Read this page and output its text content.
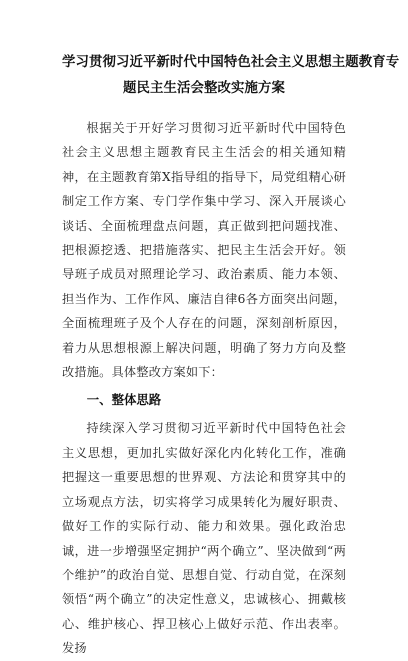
学习贯彻习近平新时代中国特色社会主义思想主题教育专
题民主生活会整改实施方案

根据关于开好学习贯彻习近平新时代中国特色社会主义思想主题教育民主生活会的相关通知精神，在主题教育第X指导组的指导下，局党组精心研制定工作方案、专门学作集中学习、深入开展谈心谈话、全面梳理盘点问题，真正做到把问题找准、把根源挖透、把措施落实、把民主生活会开好。领导班子成员对照理论学习、政治素质、能力本领、担当作为、工作作风、廉洁自律6各方面突出问题，全面梳理班子及个人存在的问题，深刻剖析原因，着力从思想根源上解决问题，明确了努力方向及整改措施。具体整改方案如下：

一、整体思路

持续深入学习贯彻习近平新时代中国特色社会主义思想，更加扎实做好深化内化转化工作，准确把握这一重要思想的世界观、方法论和贯穿其中的立场观点方法，切实将学习成果转化为履好职责、做好工作的实际行动、能力和效果。强化政治忠诚，进一步增强坚定拥护“两个确立”、坚决做到“两个维护”的政治自觉、思想自觉、行动自觉，在深刻领悟“两个确立”的决定性意义，忠诚核心、拥戴核心、维护核心、捍卫核心上做好示范、作出表率。发扬
